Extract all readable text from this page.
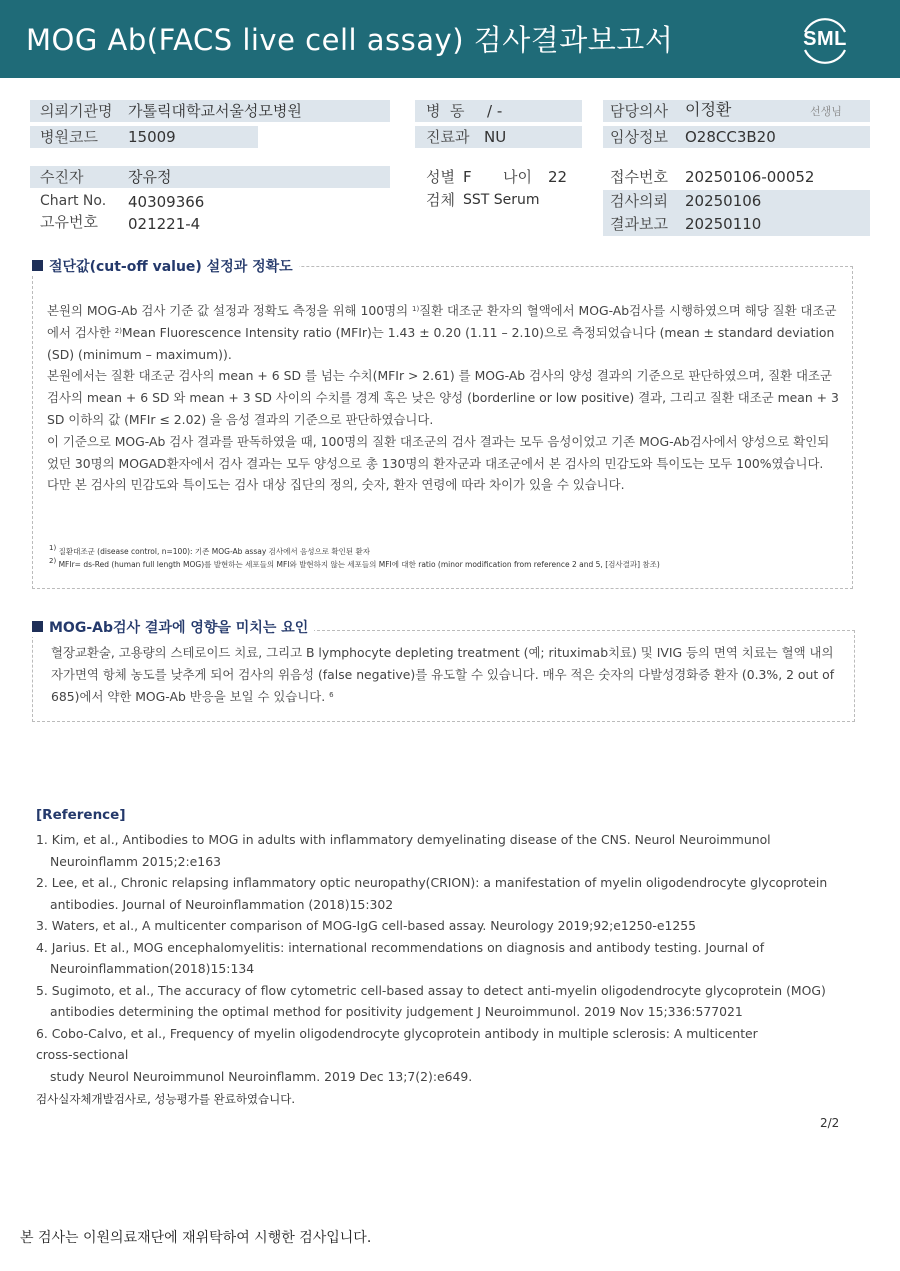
MOG Ab(FACS live cell assay) 검사결과보고서	SML
의뢰기관명 가톨릭대학교서울성모병원
병원코드 15009
수진자	장유정
Chart No. 40309366
고유번호 021221-4
병  동 / -
진료과 NU
성별 F 나이 22
검체 SST Serum
담당의사 이정환	선생님
임상정보 O28CC3B20
접수번호 20250106-00052
검사의뢰 20250106
결과보고 20250110
절단값(cut-off value) 설정과 정확도

본원의 MOG-Ab 검사 기준 값 설정과 정확도 측정을 위해 100명의 $^{1)}$질환 대조군 환자의 혈액에서 MOG-Ab검사를 시행하였으며 해당 질환 대조군에서 검사한 $^{2)}$Mean Fluorescence Intensity ratio (MFIr)는 1.43 ± 0.20 (1.11 – 2.10)으로 측정되었습니다 (mean ± standard deviation (SD) (minimum – maximum)).

본원에서는 질환 대조군 검사의 mean + 6 SD 를 넘는 수치(MFIr > 2.61) 를 MOG-Ab 검사의 양성 결과의 기준으로 판단하였으며, 질환 대조군 검사의 mean + 6 SD 와 mean + 3 SD 사이의 수치를 경계 혹은 낮은 양성 (borderline or low positive) 결과, 그리고 질환 대조군 mean + 3 SD 이하의 값 (MFIr ≤ 2.02) 을 음성 결과의 기준으로 판단하였습니다.

이 기준으로 MOG-Ab 검사 결과를 판독하였을 때, 100명의 질환 대조군의 검사 결과는 모두 음성이었고 기존 MOG-Ab검사에서 양성으로 확인되었던 30명의 MOGAD환자에서 검사 결과는 모두 양성으로 총 130명의 환자군과 대조군에서 본 검사의 민감도와 특이도는 모두 100%였습니다. 다만 본 검사의 민감도와 특이도는 검사 대상 집단의 정의, 숫자, 환자 연령에 따라 차이가 있을 수 있습니다.

$^{1)}$ 질환대조군 (disease control, n=100): 기존 MOG-Ab assay 검사에서 음성으로 확인된 환자
$^{2)}$ MFIr= ds-Red (human full length MOG)를 발현하는 세포들의 MFI와 발현하지 않는 세포들의 MFI에 대한 ratio (minor modification from reference 2 and 5, [검사결과] 참조)
MOG-Ab검사 결과에 영향을 미치는 요인
혈장교환술, 고용량의 스테로이드 치료, 그리고 B lymphocyte depleting treatment (예; rituximab치료) 및 IVIG 등의 면역 치료는 혈액 내의 자가면역 항체 농도를 낮추게 되어 검사의 위음성 (false negative)를 유도할 수 있습니다. 매우 적은 숫자의 다발성경화증 환자 (0.3%, 2 out of 685)에서 약한 MOG-Ab 반응을 보일 수 있습니다. $^6$
[Reference]
1. Kim, et al., Antibodies to MOG in adults with inflammatory demyelinating disease of the CNS. Neurol Neuroimmunol
Neuroinflamm 2015;2:e163
2. Lee, et al., Chronic relapsing inflammatory optic neuropathy(CRION): a manifestation of myelin oligodendrocyte glycoprotein
antibodies. Journal of Neuroinflammation (2018)15:302
3. Waters, et al., A multicenter comparison of MOG-IgG cell-based assay. Neurology 2019;92;e1250-e1255
4. Jarius. Et al., MOG encephalomyelitis: international recommendations on diagnosis and antibody testing. Journal of
Neuroinflammation(2018)15:134
5. Sugimoto, et al., The accuracy of flow cytometric cell-based assay to detect anti-myelin oligodendrocyte glycoprotein (MOG)
antibodies determining the optimal method for positivity judgement J Neuroimmunol. 2019 Nov 15;336:577021
6. Cobo-Calvo, et al., Frequency of myelin oligodendrocyte glycoprotein antibody in multiple sclerosis: A multicenter
cross-sectional
study Neurol Neuroimmunol Neuroinflamm. 2019 Dec 13;7(2):e649.
검사실자체개발검사로, 성능평가를 완료하였습니다.
2/2
본 검사는 이원의료재단에 재위탁하여 시행한 검사입니다.
